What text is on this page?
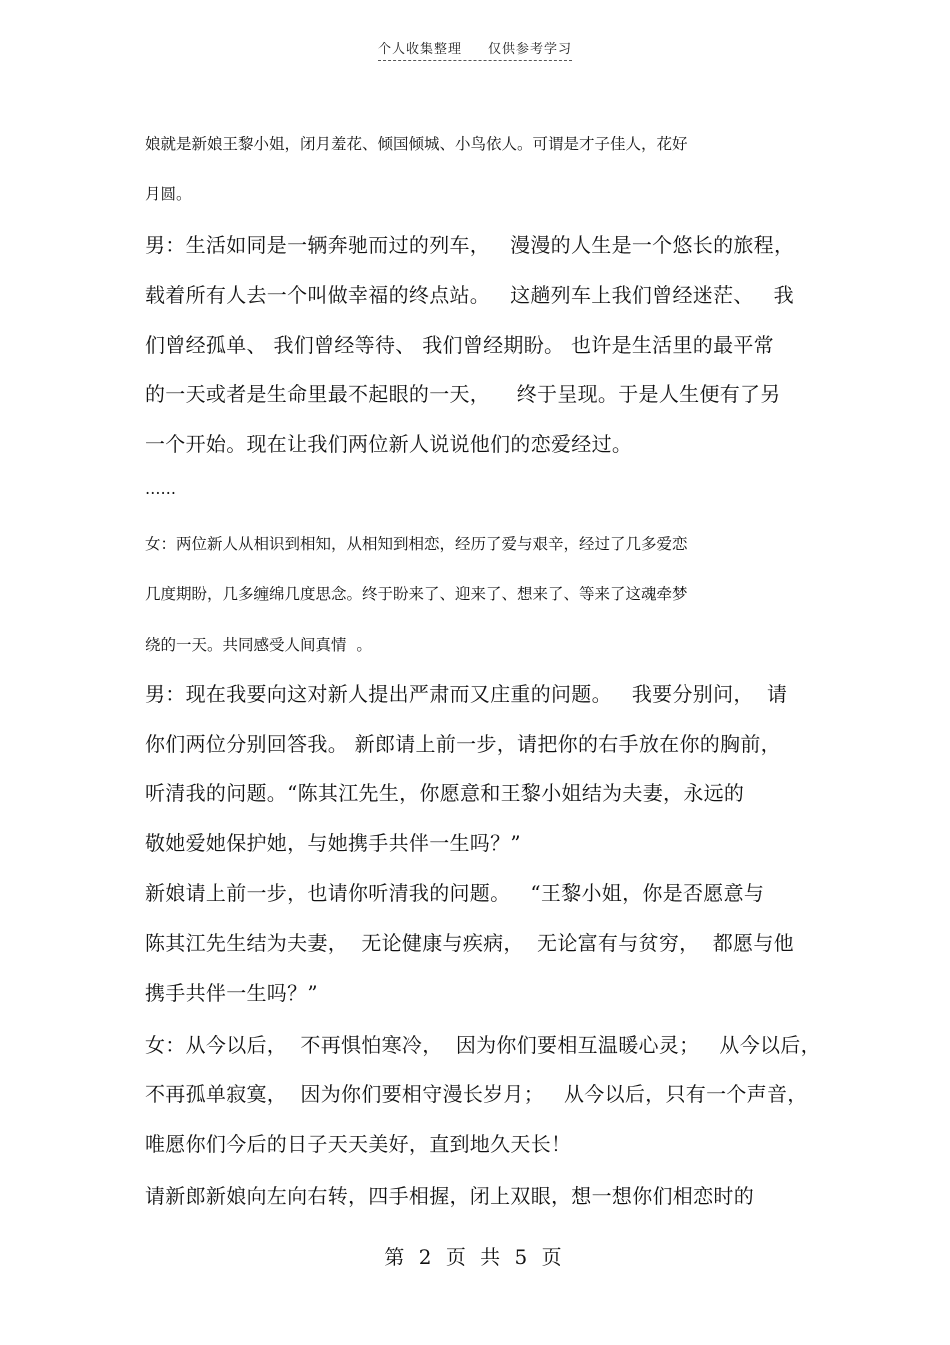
个人收集整理 仅供参考学习
娘就是新娘王黎小姐，闭月羞花、倾国倾城、小鸟依人。可谓是才子佳人，花好
月圆。
男：生活如同是一辆奔驰而过的列车，   漫漫的人生是一个悠长的旅程，
载着所有人去一个叫做幸福的终点站。   这趟列车上我们曾经迷茫、   我
们曾经孤单、 我们曾经等待、 我们曾经期盼。 也许是生活里的最平常
的一天或者是生命里最不起眼的一天，    终于呈现。于是人生便有了另
一个开始。现在让我们两位新人说说他们的恋爱经过。
……
女：两位新人从相识到相知，从相知到相恋，经历了爱与艰辛，经过了几多爱恋
几度期盼，几多缠绵几度思念。终于盼来了、迎来了、想来了、等来了这魂牵梦
绕的一天。共同感受人间真情  。
男：现在我要向这对新人提出严肃而又庄重的问题。   我要分别问，  请
你们两位分别回答我。 新郎请上前一步，请把你的右手放在你的胸前，
听清我的问题。“陈其江先生，你愿意和王黎小姐结为夫妻，永远的
敬她爱她保护她，与她携手共伴一生吗？”
新娘请上前一步，也请你听清我的问题。   “王黎小姐，你是否愿意与
陈其江先生结为夫妻，  无论健康与疾病，  无论富有与贫穷，  都愿与他
携手共伴一生吗？”
女：从今以后，  不再惧怕寒冷，  因为你们要相互温暖心灵；   从今以后，
不再孤单寂寞，  因为你们要相守漫长岁月；   从今以后，只有一个声音，
唯愿你们今后的日子天天美好，直到地久天长！
请新郎新娘向左向右转，四手相握，闭上双眼，想一想你们相恋时的
第 2 页 共 5 页
